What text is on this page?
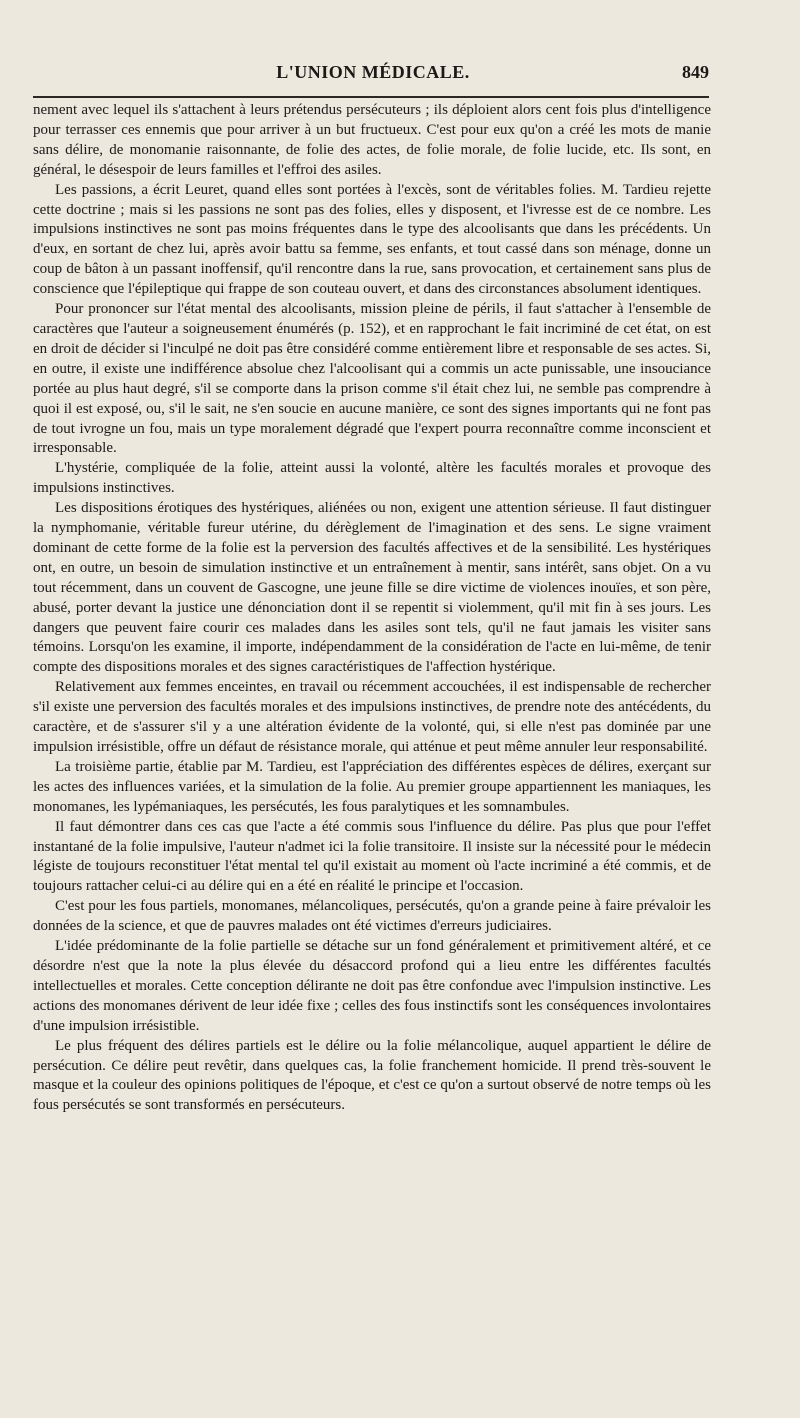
L'UNION MÉDICALE.	849

nement avec lequel ils s'attachent à leurs prétendus persécuteurs ; ils déploient alors cent fois plus d'intelligence pour terrasser ces ennemis que pour arriver à un but fructueux. C'est pour eux qu'on a créé les mots de manie sans délire, de monomanie raisonnante, de folie des actes, de folie morale, de folie lucide, etc. Ils sont, en général, le désespoir de leurs familles et l'effroi des asiles.

Les passions, a écrit Leuret, quand elles sont portées à l'excès, sont de véritables folies. M. Tardieu rejette cette doctrine ; mais si les passions ne sont pas des folies, elles y disposent, et l'ivresse est de ce nombre. Les impulsions instinctives ne sont pas moins fréquentes dans le type des alcoolisants que dans les précédents. Un d'eux, en sortant de chez lui, après avoir battu sa femme, ses enfants, et tout cassé dans son ménage, donne un coup de bâton à un passant inoffensif, qu'il rencontre dans la rue, sans provocation, et certainement sans plus de conscience que l'épileptique qui frappe de son couteau ouvert, et dans des circonstances absolument identiques.

Pour prononcer sur l'état mental des alcoolisants, mission pleine de périls, il faut s'attacher à l'ensemble de caractères que l'auteur a soigneusement énumérés (p. 152), et en rapprochant le fait incriminé de cet état, on est en droit de décider si l'inculpé ne doit pas être considéré comme entièrement libre et responsable de ses actes. Si, en outre, il existe une indifférence absolue chez l'alcoolisant qui a commis un acte punissable, une insouciance portée au plus haut degré, s'il se comporte dans la prison comme s'il était chez lui, ne semble pas comprendre à quoi il est exposé, ou, s'il le sait, ne s'en soucie en aucune manière, ce sont des signes importants qui ne font pas de tout ivrogne un fou, mais un type moralement dégradé que l'expert pourra reconnaître comme inconscient et irresponsable.

L'hystérie, compliquée de la folie, atteint aussi la volonté, altère les facultés morales et provoque des impulsions instinctives.

Les dispositions érotiques des hystériques, aliénées ou non, exigent une attention sérieuse. Il faut distinguer la nymphomanie, véritable fureur utérine, du dérèglement de l'imagination et des sens. Le signe vraiment dominant de cette forme de la folie est la perversion des facultés affectives et de la sensibilité. Les hystériques ont, en outre, un besoin de simulation instinctive et un entraînement à mentir, sans intérêt, sans objet. On a vu tout récemment, dans un couvent de Gascogne, une jeune fille se dire victime de violences inouïes, et son père, abusé, porter devant la justice une dénonciation dont il se repentit si violemment, qu'il mit fin à ses jours. Les dangers que peuvent faire courir ces malades dans les asiles sont tels, qu'il ne faut jamais les visiter sans témoins. Lorsqu'on les examine, il importe, indépendamment de la considération de l'acte en lui-même, de tenir compte des dispositions morales et des signes caractéristiques de l'affection hystérique.

Relativement aux femmes enceintes, en travail ou récemment accouchées, il est indispensable de rechercher s'il existe une perversion des facultés morales et des impulsions instinctives, de prendre note des antécédents, du caractère, et de s'assurer s'il y a une altération évidente de la volonté, qui, si elle n'est pas dominée par une impulsion irrésistible, offre un défaut de résistance morale, qui atténue et peut même annuler leur responsabilité.

La troisième partie, établie par M. Tardieu, est l'appréciation des différentes espèces de délires, exerçant sur les actes des influences variées, et la simulation de la folie. Au premier groupe appartiennent les maniaques, les monomanes, les lypémaniaques, les persécutés, les fous paralytiques et les somnambules.

Il faut démontrer dans ces cas que l'acte a été commis sous l'influence du délire. Pas plus que pour l'effet instantané de la folie impulsive, l'auteur n'admet ici la folie transitoire. Il insiste sur la nécessité pour le médecin légiste de toujours reconstituer l'état mental tel qu'il existait au moment où l'acte incriminé a été commis, et de toujours rattacher celui-ci au délire qui en a été en réalité le principe et l'occasion.

C'est pour les fous partiels, monomanes, mélancoliques, persécutés, qu'on a grande peine à faire prévaloir les données de la science, et que de pauvres malades ont été victimes d'erreurs judiciaires.

L'idée prédominante de la folie partielle se détache sur un fond généralement et primitivement altéré, et ce désordre n'est que la note la plus élevée du désaccord profond qui a lieu entre les différentes facultés intellectuelles et morales. Cette conception délirante ne doit pas être confondue avec l'impulsion instinctive. Les actions des monomanes dérivent de leur idée fixe ; celles des fous instinctifs sont les conséquences involontaires d'une impulsion irrésistible.

Le plus fréquent des délires partiels est le délire ou la folie mélancolique, auquel appartient le délire de persécution. Ce délire peut revêtir, dans quelques cas, la folie franchement homicide. Il prend très-souvent le masque et la couleur des opinions politiques de l'époque, et c'est ce qu'on a surtout observé de notre temps où les fous persécutés se sont transformés en persécuteurs.
